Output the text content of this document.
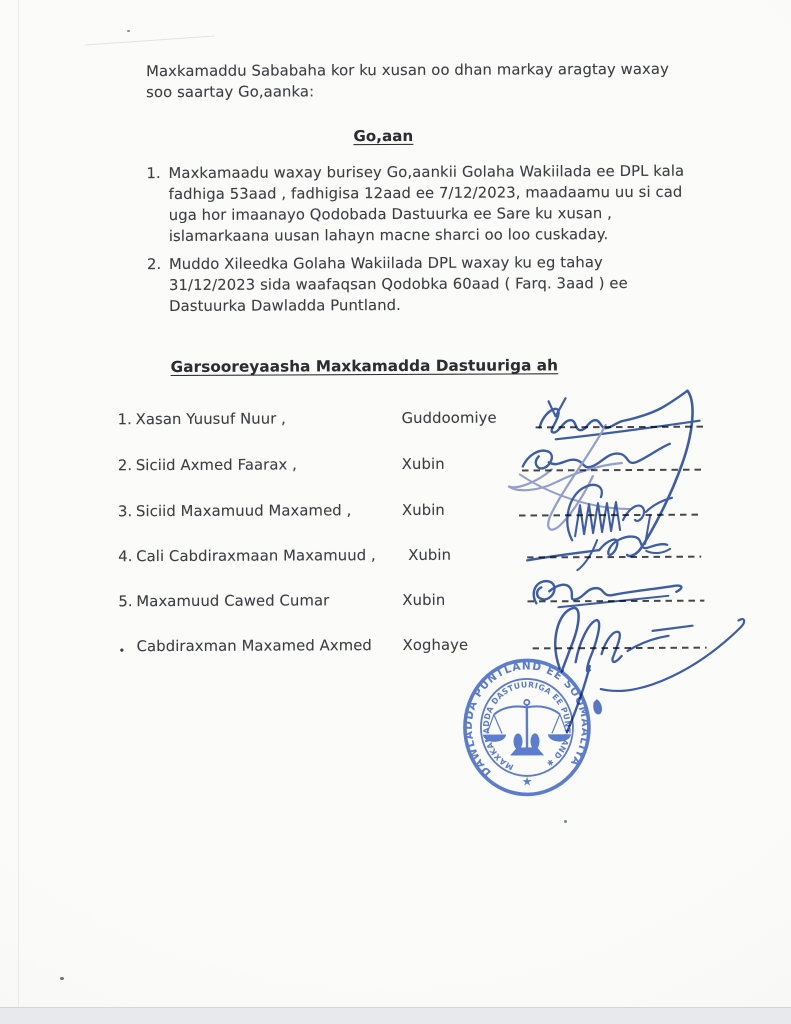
Maxkamaddu Sababaha kor ku xusan oo dhan markay aragtay waxay
soo saartay Go,aanka:
Go,aan
1. Maxkamaadu waxay burisey Go,aankii Golaha Wakiilada ee DPL kala
fadhiga 53aad , fadhigisa 12aad ee 7/12/2023, maadaamu uu si cad
uga hor imaanayo Qodobada Dastuurka ee Sare ku xusan ,
islamarkaana uusan lahayn macne sharci oo loo cuskaday.
2. Muddo Xileedka Golaha Wakiilada DPL waxay ku eg tahay
31/12/2023 sida waafaqsan Qodobka 60aad ( Farq. 3aad ) ee
Dastuurka Dawladda Puntland.
Garsooreyaasha Maxkamadda Dastuuriga ah
1. Xasan Yuusuf Nuur ,	Guddoomiye
2. Siciid Axmed Faarax ,	Xubin
3. Siciid Maxamuud Maxamed ,	Xubin
4. Cali Cabdiraxmaan Maxamuud , Xubin
5. Maxamuud Cawed Cumar	Xubin
• Cabdiraxman Maxamed Axmed Xoghaye
DAWLADDA PUNTLAND EE SOOMAALIYA
MAXKAMADDA DASTUURIGA EE PUNTLAND ✱
★
